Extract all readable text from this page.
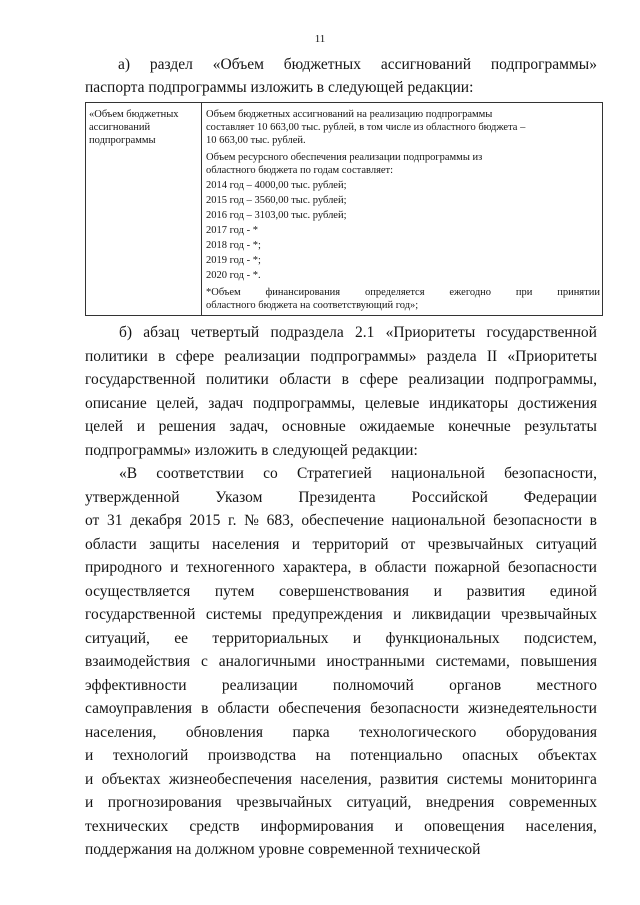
11
а) раздел «Объем бюджетных ассигнований подпрограммы»
паспорта подпрограммы изложить в следующей редакции:
«Объем бюджетных ассигнований подпрограммы

Объем бюджетных ассигнований на реализацию подпрограммы

составляет 10 663,00 тыс. рублей, в том числе из областного бюджета –

10 663,00 тыс. рублей.

Объем ресурсного обеспечения реализации подпрограммы из

областного бюджета по годам составляет:

2014 год – 4000,00 тыс. рублей;

2015 год – 3560,00 тыс. рублей;

2016 год – 3103,00 тыс. рублей;

2017 год - *

2018 год - *;

2019 год - *;

2020 год - *.

*Объем финансирования определяется ежегодно при принятии

областного бюджета на соответствующий год»;

б) абзац четвертый подраздела 2.1 «Приоритеты государственной
политики в сфере реализации подпрограммы» раздела II «Приоритеты
государственной политики области в сфере реализации подпрограммы,
описание целей, задач подпрограммы, целевые индикаторы достижения
целей и решения задач, основные ожидаемые конечные результаты
подпрограммы» изложить в следующей редакции:
«В соответствии со Стратегией национальной безопасности,
утвержденной Указом Президента Российской Федерации
от 31 декабря 2015 г. № 683, обеспечение национальной безопасности в
области защиты населения и территорий от чрезвычайных ситуаций
природного и техногенного характера, в области пожарной безопасности
осуществляется путем совершенствования и развития единой
государственной системы предупреждения и ликвидации чрезвычайных
ситуаций, ее территориальных и функциональных подсистем,
взаимодействия с аналогичными иностранными системами, повышения
эффективности реализации полномочий органов местного
самоуправления в области обеспечения безопасности жизнедеятельности
населения, обновления парка технологического оборудования
и технологий производства на потенциально опасных объектах
и объектах жизнеобеспечения населения, развития системы мониторинга
и прогнозирования чрезвычайных ситуаций, внедрения современных
технических средств информирования и оповещения населения,
поддержания на должном уровне современной технической
